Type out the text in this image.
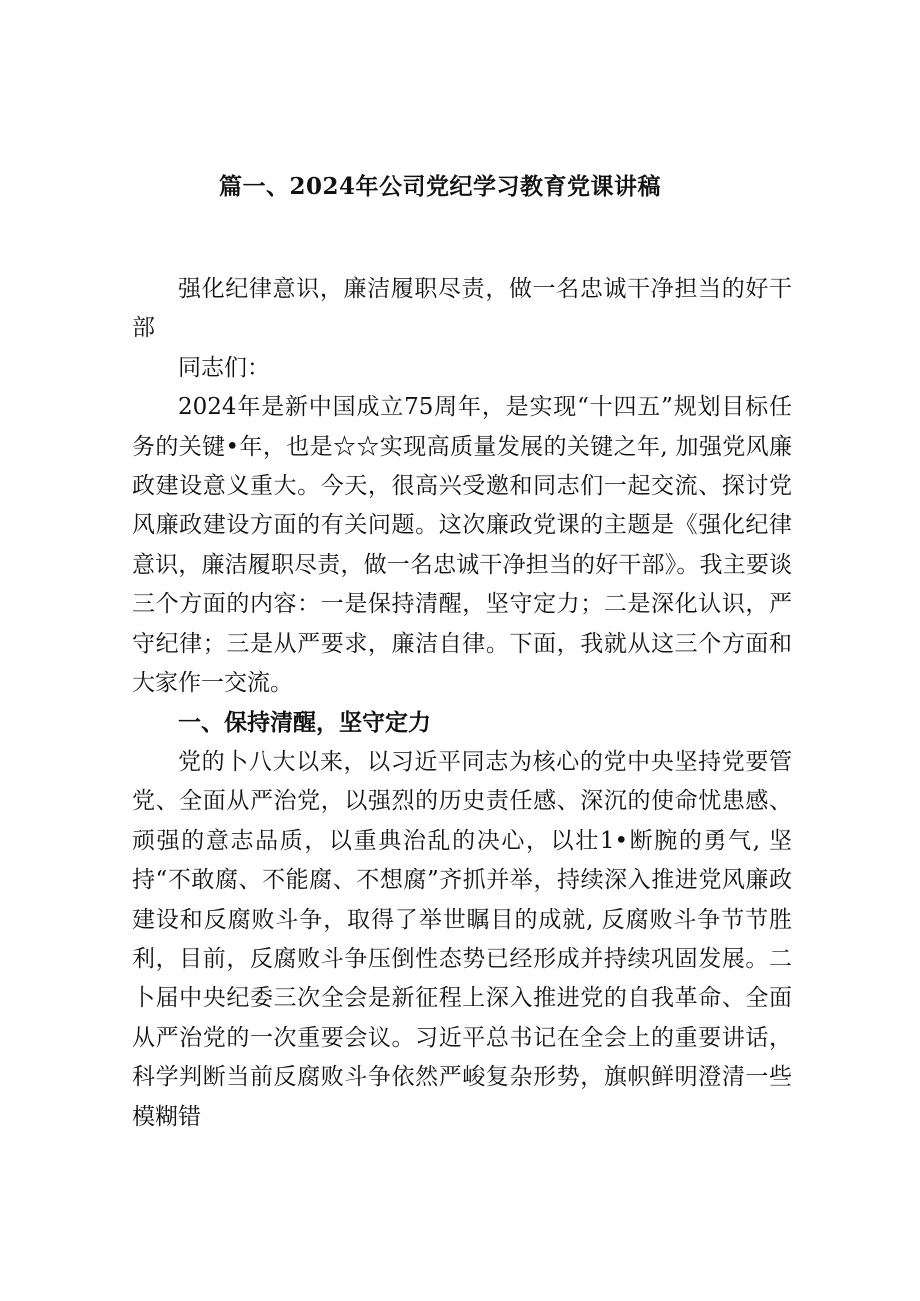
篇一、2024年公司党纪学习教育党课讲稿

强化纪律意识，廉洁履职尽责，做一名忠诚干净担当的好干部

同志们：

2024年是新中国成立75周年，是实现“十四五”规划目标任务的关键•年，也是☆☆实现高质量发展的关键之年, 加强党风廉政建设意义重大。今天，很高兴受邀和同志们一起交流、探讨党风廉政建设方面的有关问题。这次廉政党课的主题是《强化纪律意识，廉洁履职尽责，做一名忠诚干净担当的好干部》。我主要谈三个方面的内容：一是保持清醒，坚守定力；二是深化认识，严守纪律；三是从严要求，廉洁自律。下面，我就从这三个方面和大家作一交流。

一、保持清醒，坚守定力

党的卜八大以来，以习近平同志为核心的党中央坚持党要管党、全面从严治党，以强烈的历史责任感、深沉的使命忧患感、顽强的意志品质，以重典治乱的决心，以壮1•断腕的勇气, 坚持“不敢腐、不能腐、不想腐”齐抓并举，持续深入推进党风廉政建设和反腐败斗争，取得了举世瞩目的成就, 反腐败斗争节节胜利，目前，反腐败斗争压倒性态势已经形成并持续巩固发展。二卜届中央纪委三次全会是新征程上深入推进党的自我革命、全面从严治党的一次重要会议。习近平总书记在全会上的重要讲话，科学判断当前反腐败斗争依然严峻复杂形势，旗帜鲜明澄清一些模糊错
